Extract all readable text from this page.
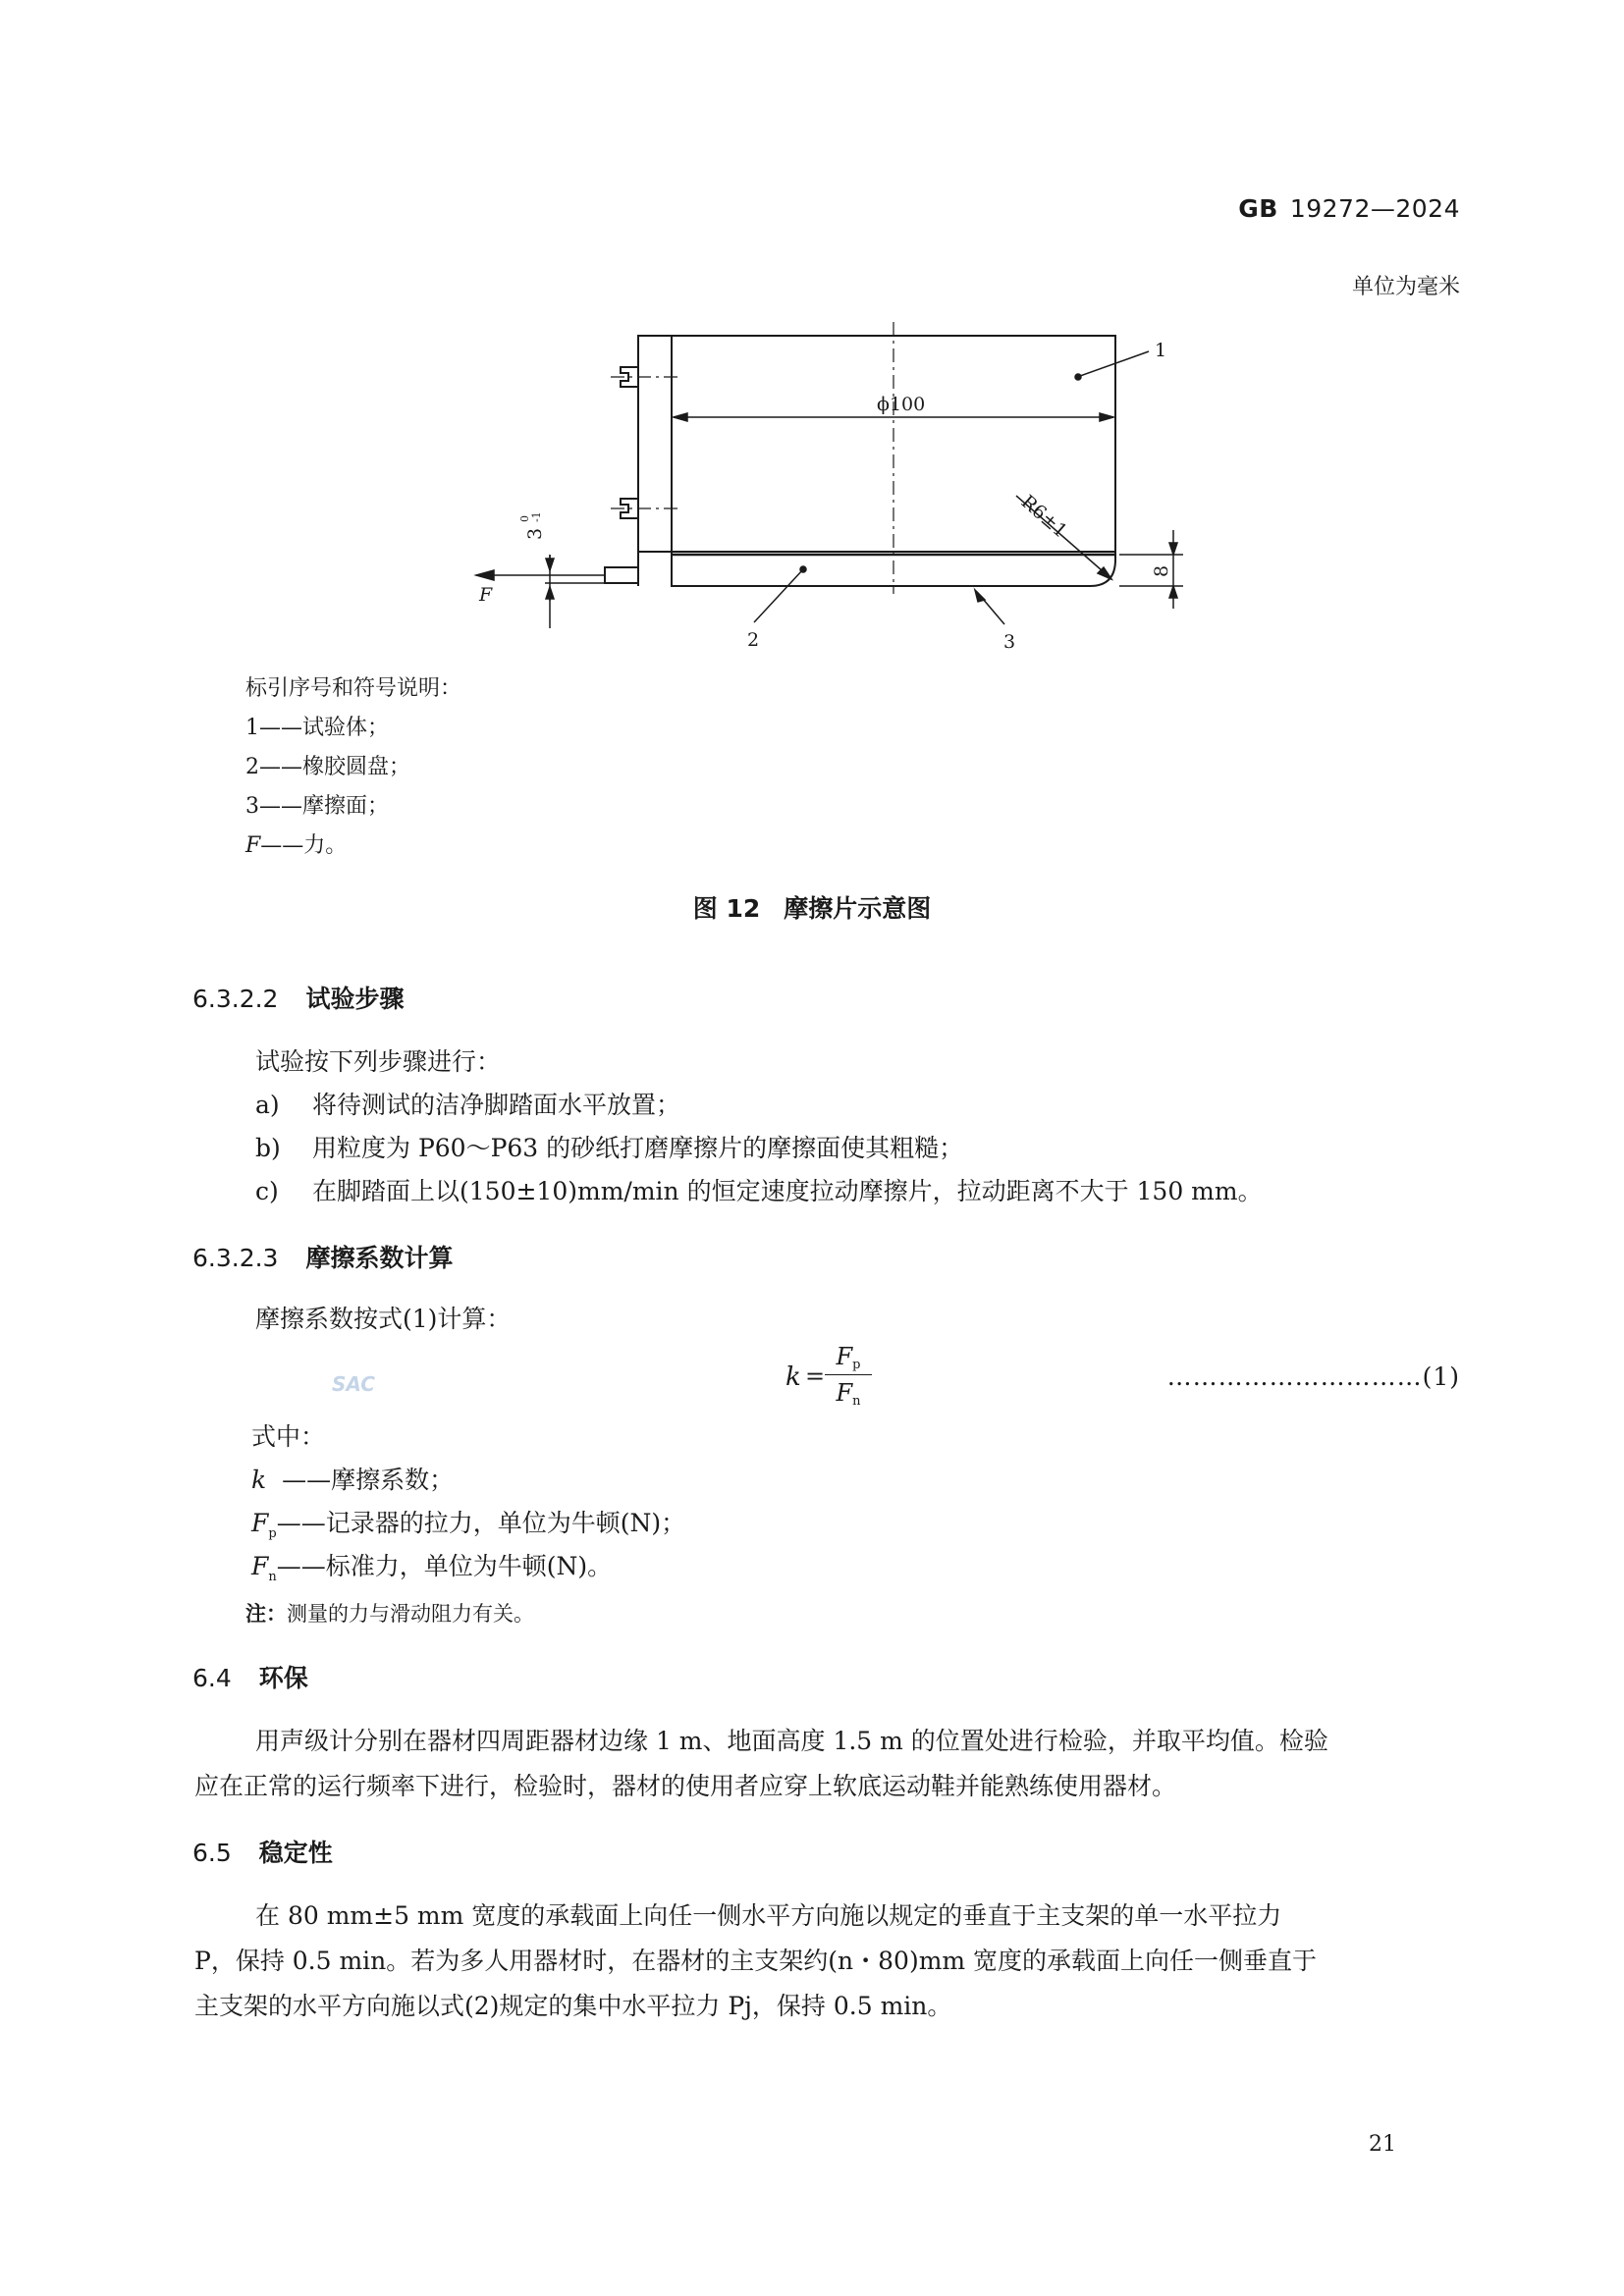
GB 19272—2024
单位为毫米
ϕ100
1
2	3
F
R6±1
8
3
0 -1
标引序号和符号说明：
1——试验体；
2——橡胶圆盘；
3——摩擦面；
F——力。
图 12 摩擦片示意图
6.3.2.2 试验步骤
试验按下列步骤进行：
a) 将待测试的洁净脚踏面水平放置；
b) 用粒度为 P60～P63 的砂纸打磨摩擦片的摩擦面使其粗糙；
c) 在脚踏面上以(150±10)mm/min 的恒定速度拉动摩擦片，拉动距离不大于 150 mm。
6.3.2.3 摩擦系数计算
摩擦系数按式(1)计算：
SAC	k =
$F_p$
$F_n$
…………………………(1)
式中：
k ——摩擦系数；
$F_p——$记录器的拉力，单位为牛顿(N)；
$F_n——$标准力，单位为牛顿(N)。
注：测量的力与滑动阻力有关。
6.4 环保
用声级计分别在器材四周距器材边缘 1 m、地面高度 1.5 m 的位置处进行检验，并取平均值。检验
应在正常的运行频率下进行，检验时，器材的使用者应穿上软底运动鞋并能熟练使用器材。
6.5 稳定性
在 80 mm±5 mm 宽度的承载面上向任一侧水平方向施以规定的垂直于主支架的单一水平拉力
P，保持 0.5 min。若为多人用器材时，在器材的主支架约(n・80)mm 宽度的承载面上向任一侧垂直于
主支架的水平方向施以式(2)规定的集中水平拉力 Pj，保持 0.5 min。
21
